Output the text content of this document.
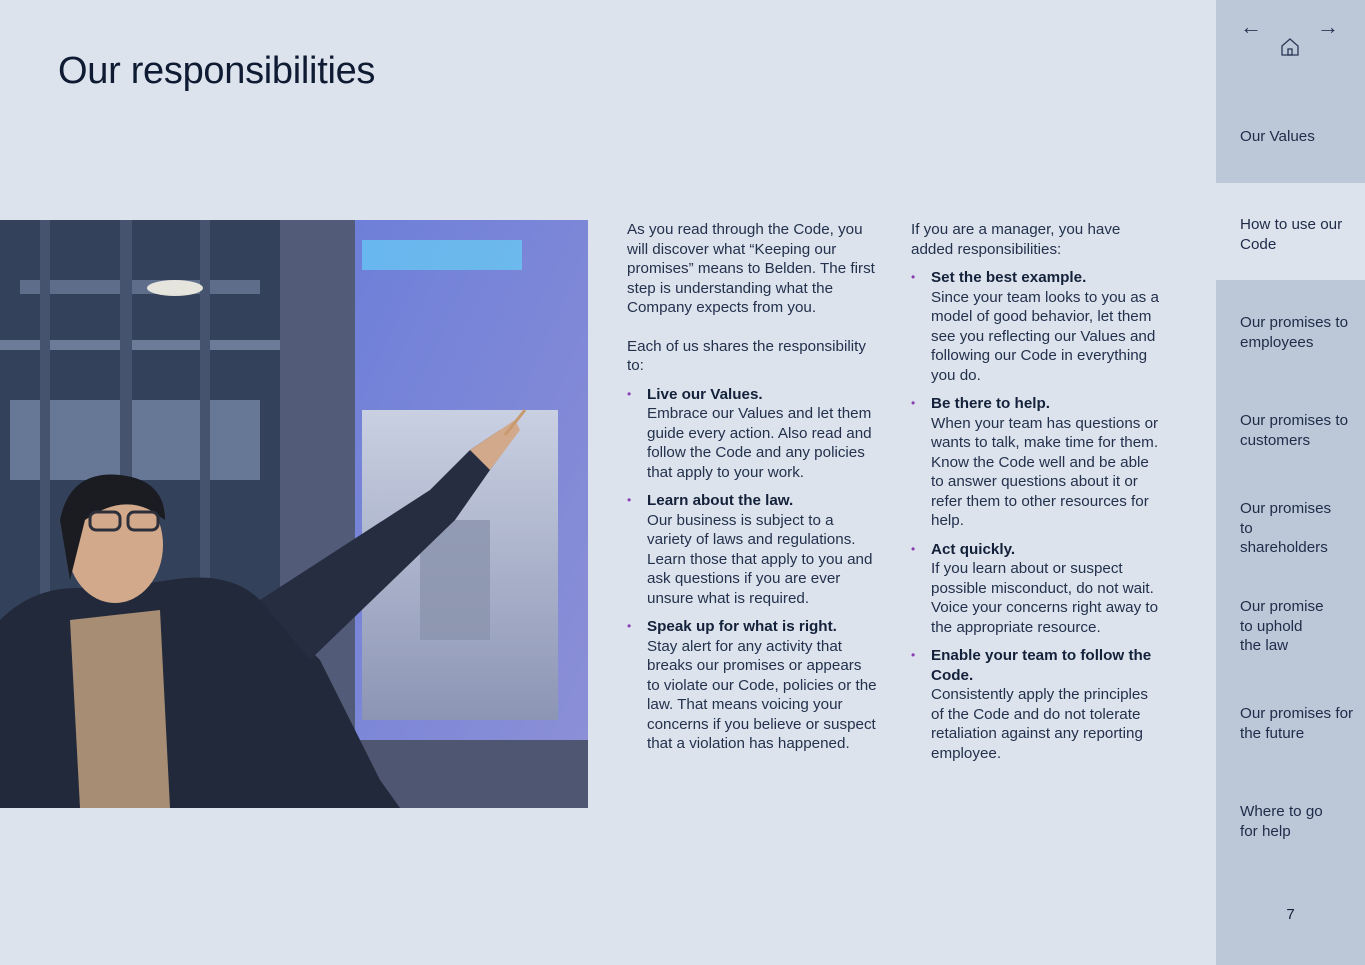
Our responsibilities

As you read through the Code, you will discover what “Keeping our promises” means to Belden. The first step is understanding what the Company expects from you.

Each of us shares the responsibility to:

• Live our Values.
Embrace our Values and let them guide every action. Also read and follow the Code and any policies that apply to your work.
• Learn about the law.
Our business is subject to a variety of laws and regulations. Learn those that apply to you and ask questions if you are ever unsure what is required.
• Speak up for what is right.
Stay alert for any activity that breaks our promises or appears to violate our Code, policies or the law. That means voicing your concerns if you believe or suspect that a violation has happened.

If you are a manager, you have added responsibilities:

• Set the best example.
Since your team looks to you as a model of good behavior, let them see you reflecting our Values and following our Code in everything you do.
• Be there to help.
When your team has questions or wants to talk, make time for them. Know the Code well and be able to answer questions about it or refer them to other resources for help.
• Act quickly.
If you learn about or suspect possible misconduct, do not wait. Voice your concerns right away to the appropriate resource.
• Enable your team to follow the Code.
Consistently apply the principles of the Code and do not tolerate retaliation against any reporting employee.
←	→
Our Values
How to use our Code
Our promises to employees
Our promises to customers
Our promises to shareholders
Our promise to uphold the law
Our promises for the future
Where to go for help
7
